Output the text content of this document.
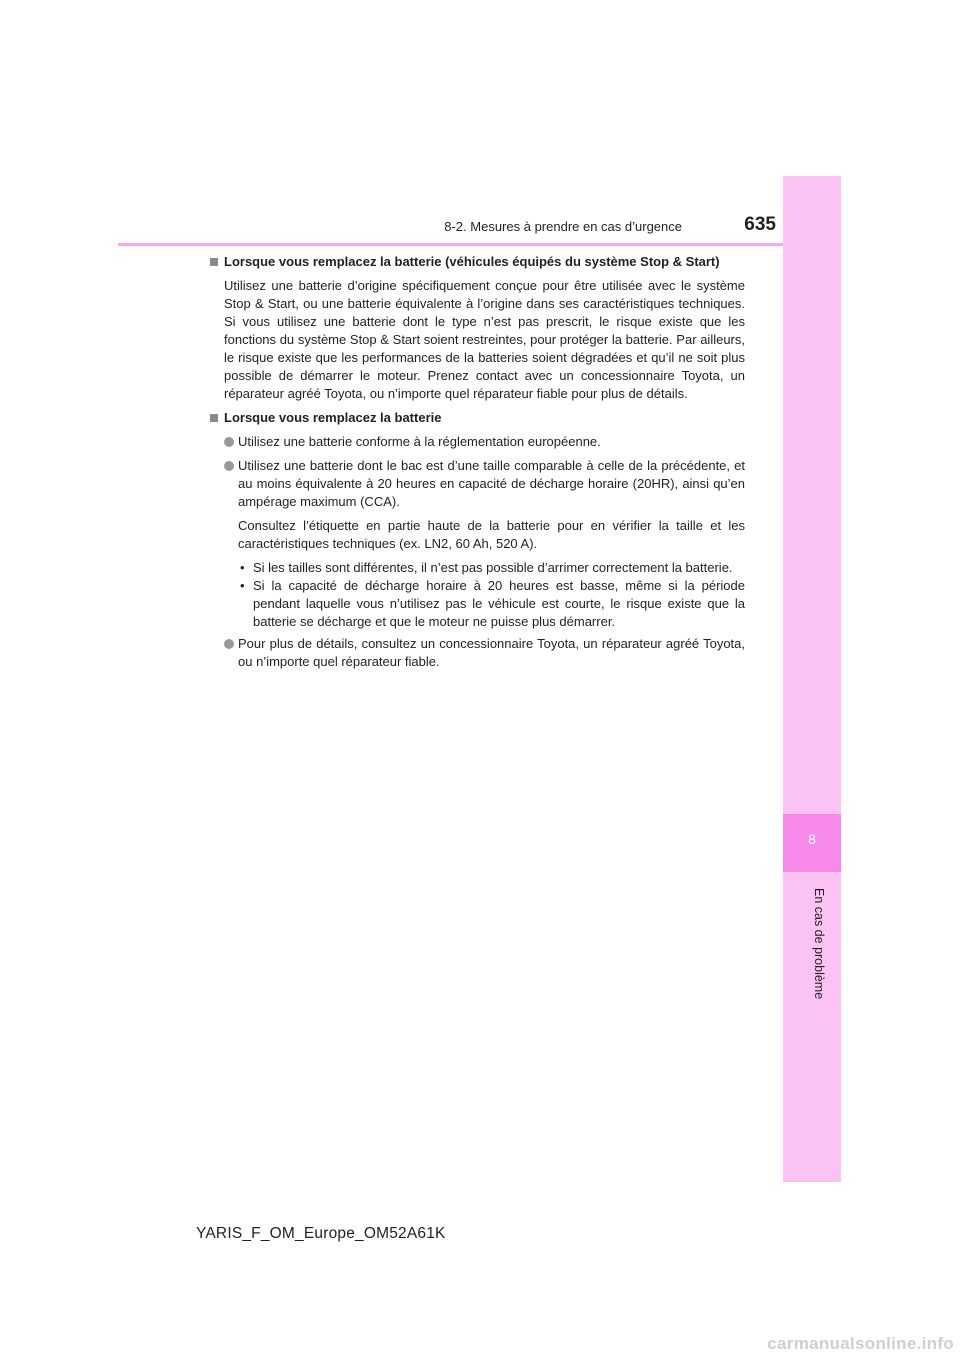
8-2. Mesures à prendre en cas d’urgence	635
8
En cas de problème
Lorsque vous remplacez la batterie (véhicules équipés du système Stop & Start)
Utilisez une batterie d’origine spécifiquement conçue pour être utilisée avec le système Stop & Start, ou une batterie équivalente à l’origine dans ses caractéristiques techniques. Si vous utilisez une batterie dont le type n’est pas prescrit, le risque existe que les fonctions du système Stop & Start soient restreintes, pour protéger la batterie. Par ailleurs, le risque existe que les performances de la batteries soient dégradées et qu’il ne soit plus possible de démarrer le moteur. Prenez contact avec un concessionnaire Toyota, un réparateur agréé Toyota, ou n’importe quel réparateur fiable pour plus de détails.
Lorsque vous remplacez la batterie
Utilisez une batterie conforme à la réglementation européenne.
Utilisez une batterie dont le bac est d’une taille comparable à celle de la précédente, et au moins équivalente à 20 heures en capacité de décharge horaire (20HR), ainsi qu’en ampérage maximum (CCA).
Consultez l’étiquette en partie haute de la batterie pour en vérifier la taille et les caractéristiques techniques (ex. LN2, 60 Ah, 520 A).
• Si les tailles sont différentes, il n’est pas possible d’arrimer correctement la batterie.
• Si la capacité de décharge horaire à 20 heures est basse, même si la période pendant laquelle vous n’utilisez pas le véhicule est courte, le risque existe que la batterie se décharge et que le moteur ne puisse plus démarrer.
Pour plus de détails, consultez un concessionnaire Toyota, un réparateur agréé Toyota, ou n’importe quel réparateur fiable.
YARIS_F_OM_Europe_OM52A61K
carmanualsonline.info
